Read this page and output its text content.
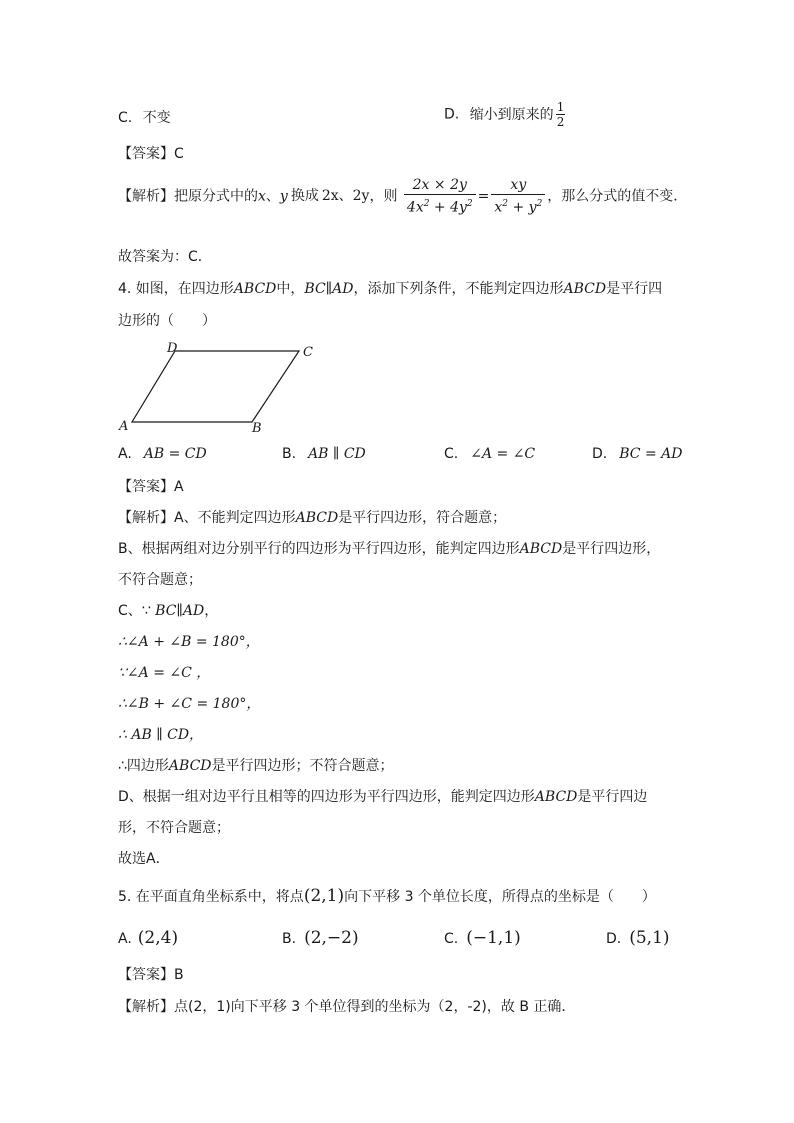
C. 不变	D. 缩小到原来的 $\frac{1}{2}$
【答案】C
【解析】把原分式中的x、y 换成 2x、2y，则 $\frac{2x \times 2y}{4x^2 + 4y^2} = \frac{xy}{x^2 + y^2}$ ，那么分式的值不变．
故答案为：C．
4. 如图，在四边形ABCD中，BC∥AD，添加下列条件，不能判定四边形ABCD是平行四
边形的（　　）
D	C
A	B
A. AB = CD	B. AB ∥ CD	C. ∠A = ∠C	D. BC = AD
【答案】A
【解析】A、不能判定四边形ABCD是平行四边形，符合题意；
B、根据两组对边分别平行的四边形为平行四边形，能判定四边形ABCD是平行四边形，
不符合题意；
C、∵ BC∥AD，
∴∠A + ∠B = 180°，
∵∠A = ∠C ，
∴∠B + ∠C = 180°，
∴ AB ∥ CD，
∴四边形ABCD是平行四边形；不符合题意；
D、根据一组对边平行且相等的四边形为平行四边形，能判定四边形ABCD是平行四边
形，不符合题意；
故选A．
5. 在平面直角坐标系中，将点(2,1)向下平移 3 个单位长度，所得点的坐标是（　　）
A. (2,4)	B. (2,−2)	C. (−1,1)	D. (5,1)
【答案】B
【解析】点(2，1)向下平移 3 个单位得到的坐标为（2，-2)，故 B 正确．
